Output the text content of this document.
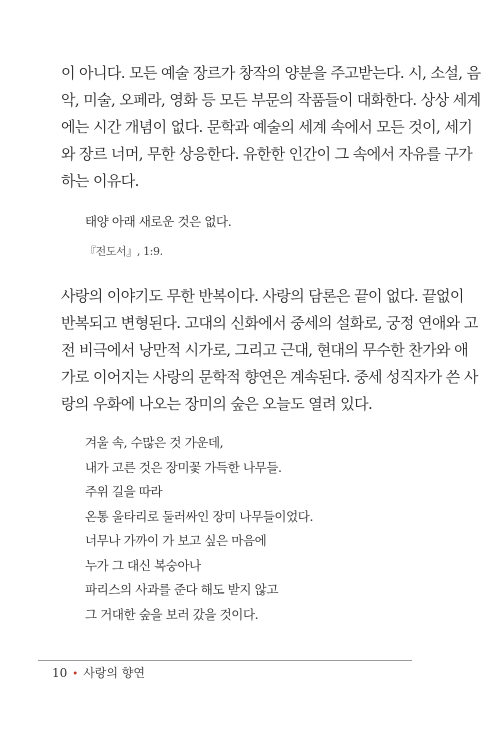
이 아니다. 모든 예술 장르가 창작의 양분을 주고받는다. 시, 소설, 음
악, 미술, 오페라, 영화 등 모든 부문의 작품들이 대화한다. 상상 세계
에는 시간 개념이 없다. 문학과 예술의 세계 속에서 모든 것이, 세기
와 장르 너머, 무한 상응한다. 유한한 인간이 그 속에서 자유를 구가
하는 이유다.
태양 아래 새로운 것은 없다.
『전도서』, 1:9.
사랑의 이야기도 무한 반복이다. 사랑의 담론은 끝이 없다. 끝없이
반복되고 변형된다. 고대의 신화에서 중세의 설화로, 궁정 연애와 고
전 비극에서 낭만적 시가로, 그리고 근대, 현대의 무수한 찬가와 애
가로 이어지는 사랑의 문학적 향연은 계속된다. 중세 성직자가 쓴 사
랑의 우화에 나오는 장미의 숲은 오늘도 열려 있다.
겨울 속, 수많은 것 가운데,
내가 고른 것은 장미꽃 가득한 나무들.
주위 길을 따라
온통 울타리로 둘러싸인 장미 나무들이었다.
너무나 가까이 가 보고 싶은 마음에
누가 그 대신 복숭아나
파리스의 사과를 준다 해도 받지 않고
그 거대한 숲을 보러 갔을 것이다.
10 • 사랑의 향연
